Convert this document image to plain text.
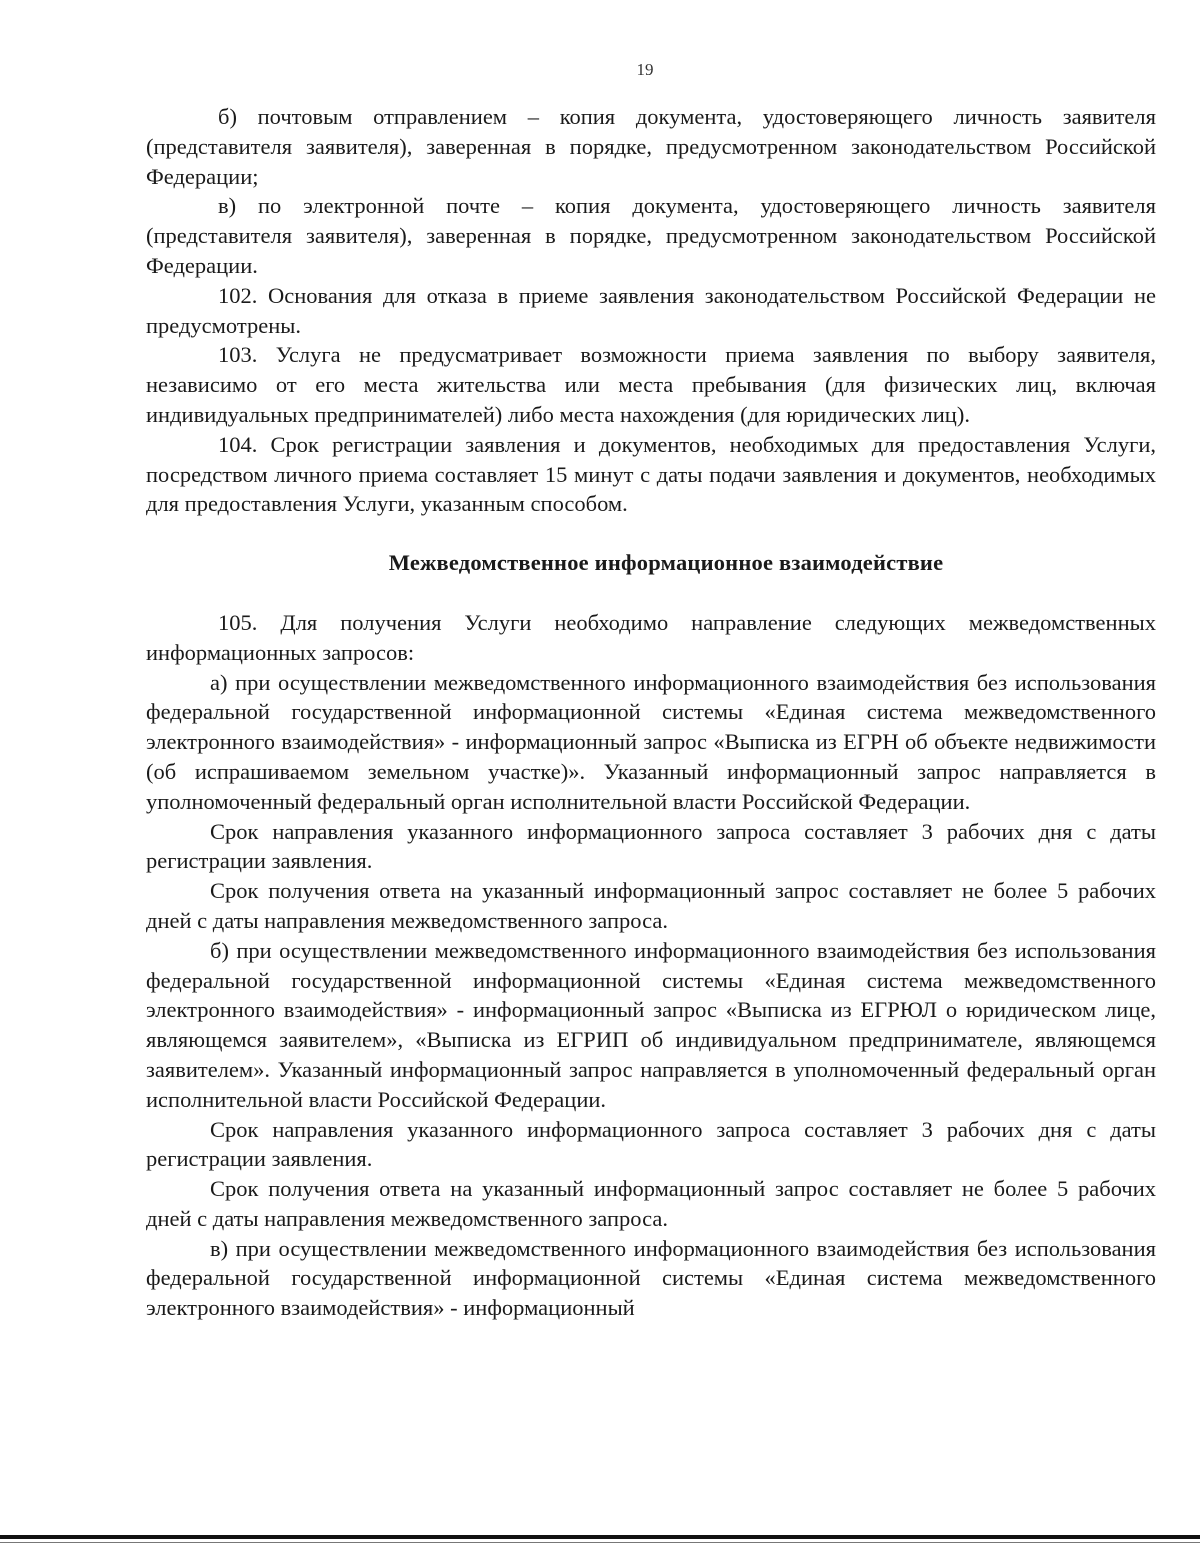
19

б) почтовым отправлением – копия документа, удостоверяющего личность заявителя (представителя заявителя), заверенная в порядке, предусмотренном законодательством Российской Федерации;

в) по электронной почте – копия документа, удостоверяющего личность заявителя (представителя заявителя), заверенная в порядке, предусмотренном законодательством Российской Федерации.

102. Основания для отказа в приеме заявления законодательством Российской Федерации не предусмотрены.

103. Услуга не предусматривает возможности приема заявления по выбору заявителя, независимо от его места жительства или места пребывания (для физических лиц, включая индивидуальных предпринимателей) либо места нахождения (для юридических лиц).

104. Срок регистрации заявления и документов, необходимых для предоставления Услуги, посредством личного приема составляет 15 минут с даты подачи заявления и документов, необходимых для предоставления Услуги, указанным способом.

Межведомственное информационное взаимодействие

105. Для получения Услуги необходимо направление следующих межведомственных информационных запросов:

а) при осуществлении межведомственного информационного взаимодействия без использования федеральной государственной информационной системы «Единая система межведомственного электронного взаимодействия» - информационный запрос «Выписка из ЕГРН об объекте недвижимости (об испрашиваемом земельном участке)». Указанный информационный запрос направляется в уполномоченный федеральный орган исполнительной власти Российской Федерации.

Срок направления указанного информационного запроса составляет 3 рабочих дня с даты регистрации заявления.

Срок получения ответа на указанный информационный запрос составляет не более 5 рабочих дней с даты направления межведомственного запроса.

б) при осуществлении межведомственного информационного взаимодействия без использования федеральной государственной информационной системы «Единая система межведомственного электронного взаимодействия» - информационный запрос «Выписка из ЕГРЮЛ о юридическом лице, являющемся заявителем», «Выписка из ЕГРИП об индивидуальном предпринимателе, являющемся заявителем». Указанный информационный запрос направляется в уполномоченный федеральный орган исполнительной власти Российской Федерации.

Срок направления указанного информационного запроса составляет 3 рабочих дня с даты регистрации заявления.

Срок получения ответа на указанный информационный запрос составляет не более 5 рабочих дней с даты направления межведомственного запроса.

в) при осуществлении межведомственного информационного взаимодействия без использования федеральной государственной информационной системы «Единая система межведомственного электронного взаимодействия» - информационный
